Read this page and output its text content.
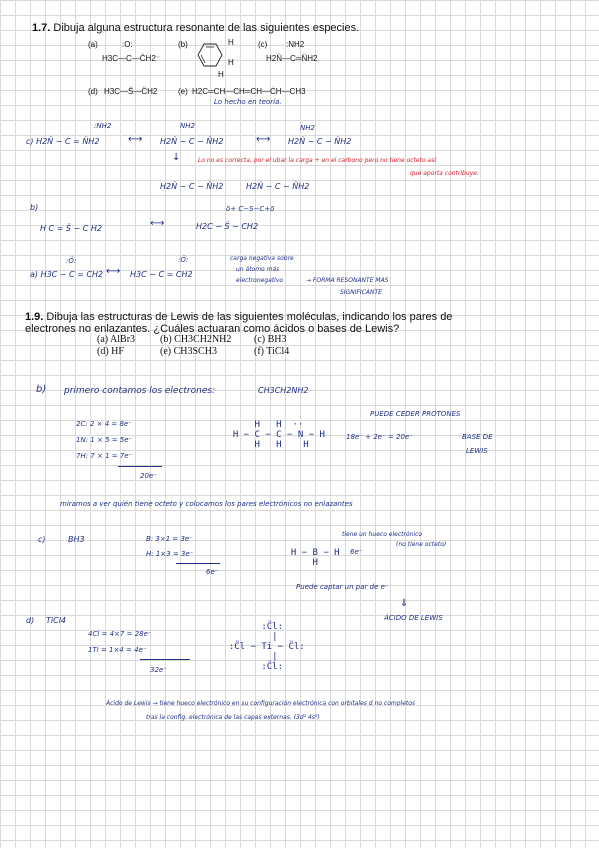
1.7. Dibuja alguna estructura resonante de las siguientes especies.
(a)	:O:
H3C—C—C̈H2⁻
(b)	H
H
H
(c) :NH2
H2N̈—C═N̈H2
(d) H3C—S̈—C̈H2	(e) H2C═CH—CH═CH—ĊH—CH3
Lo hecho en teoría.
:NH2
c) H2N̈ − C = N̈H2	⟷
NH2
H2N̈ − C − N̈H2	⟷
NH2
H2N̈ − C − N̈H2
↓	Lo no es correcta, por el ubar la carga + en el carbono pero no tiene octeto así
que aporta contribuye.
H2N̈ − C − N̈H2	H2N̈ − C − N̈H2
b)
H C = S̈ − C H2	⟷
δ+ C−S−C+δ
H2C − S̈ − CH2
:Ö:
a) H3C − C = CH2 ⟷
:Ö:
H3C − C = CH2
carga negativa sobre
un átomo más
electronegativo	→ FORMA RESONANTE MAS
SIGNIFICANTE
1.9. Dibuja las estructuras de Lewis de las siguientes moléculas, indicando los pares de
electrones no enlazantes. ¿Cuáles actuaran como ácidos o bases de Lewis?
(a) AlBr3 (b) CH3CH2NH2 (c) BH3
(d) HF	(e) CH3SCH3	(f) TiCl4
b) primero contamos los electrones:	CH3CH2NH2
2C: 2 × 4 = 8e⁻
1N: 1 × 5 = 5e⁻
7H: 7 × 1 = 7e⁻
20e⁻
H   H  ··
H − C − C − N − H
H   H    H
PUEDE CEDER PROTONES
18e⁻ + 2e⁻ = 20e⁻	BASE DE
LEWIS
miramos a ver quién tiene octeto y colocamos los pares electrónicos no enlazantes
c)	BH3	B: 3×1 = 3e⁻
H: 1×3 = 3e⁻
6e⁻
H − B − H
H
6e⁻
tiene un hueco electrónico
(no tiene octeto)
Puede captar un par de e⁻
⇓
ÁCIDO DE LEWIS
d) TiCl4
4Cl = 4×7 = 28e⁻
1Ti = 1×4 = 4e⁻
32e⁻
:C̈l:
|
:C̈l − Ti − C̈l:
|
:C̈l:
Ácido de Lewis → tiene hueco electrónico en su configuración electrónica con orbitales d no completos
tras la config. electrónica de las capas externas. (3d² 4s²)
